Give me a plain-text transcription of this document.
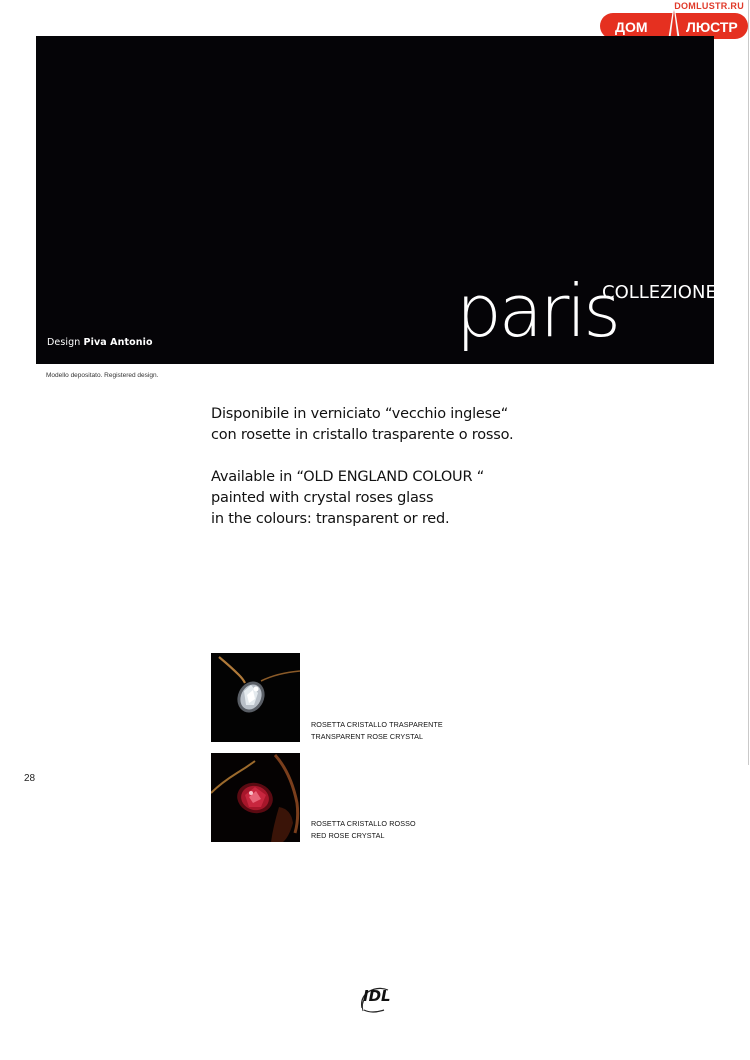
DOMLUSTR.RU
ДОМ	ЛЮСТР
Design Piva Antonio	paris
COLLEZIONE
Modello depositato. Registered design.
Disponibile in verniciato “vecchio inglese“
con rosette in cristallo trasparente o rosso.
Available in “OLD ENGLAND COLOUR “
painted with crystal roses glass
in the colours: transparent or red.
ROSETTA CRISTALLO TRASPARENTE
TRANSPARENT ROSE CRYSTAL
ROSETTA CRISTALLO ROSSO
RED ROSE CRYSTAL
28
IDL
